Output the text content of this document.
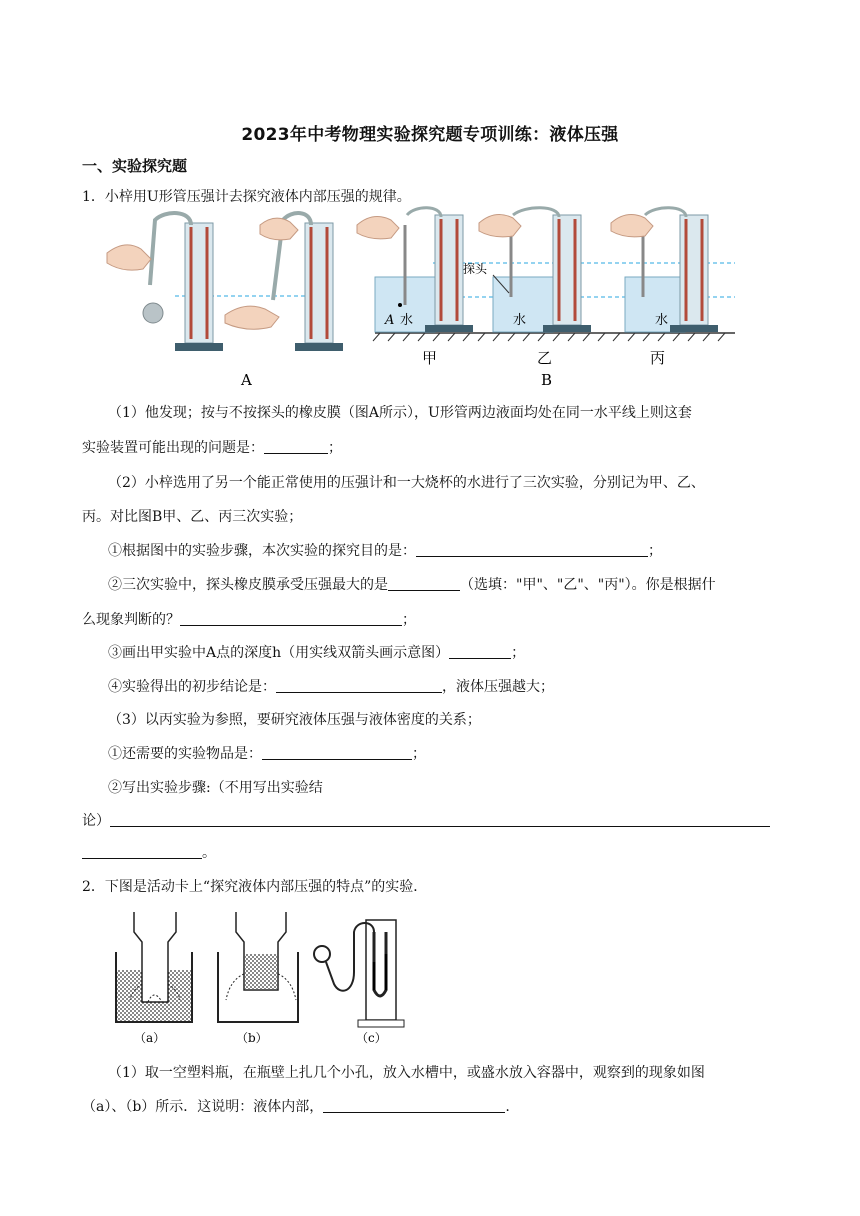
2023年中考物理实验探究题专项训练：液体压强
一、实验探究题
1．小梓用U形管压强计去探究液体内部压强的规律。
A
A 水
甲
探头
水
乙
B
水
丙
（1）他发现；按与不按探头的橡皮膜（图A所示），U形管两边液面均处在同一水平线上则这套
实验装置可能出现的问题是：	；
（2）小梓选用了另一个能正常使用的压强计和一大烧杯的水进行了三次实验，分别记为甲、乙、
丙。对比图B甲、乙、丙三次实验；
①根据图中的实验步骤，本次实验的探究目的是：	；
②三次实验中，探头橡皮膜承受压强最大的是	（选填："甲"、"乙"、"丙"）。你是根据什
么现象判断的？	；
③画出甲实验中A点的深度h（用实线双箭头画示意图）	；
④实验得出的初步结论是：	，液体压强越大；
（3）以丙实验为参照，要研究液体压强与液体密度的关系；
①还需要的实验物品是：	；
②写出实验步骤:（不用写出实验结
论）
。
2．下图是活动卡上“探究液体内部压强的特点”的实验．
（a）	（b）	（c）
（1）取一空塑料瓶，在瓶壁上扎几个小孔，放入水槽中，或盛水放入容器中，观察到的现象如图
（a）、（b）所示．这说明：液体内部，	.
